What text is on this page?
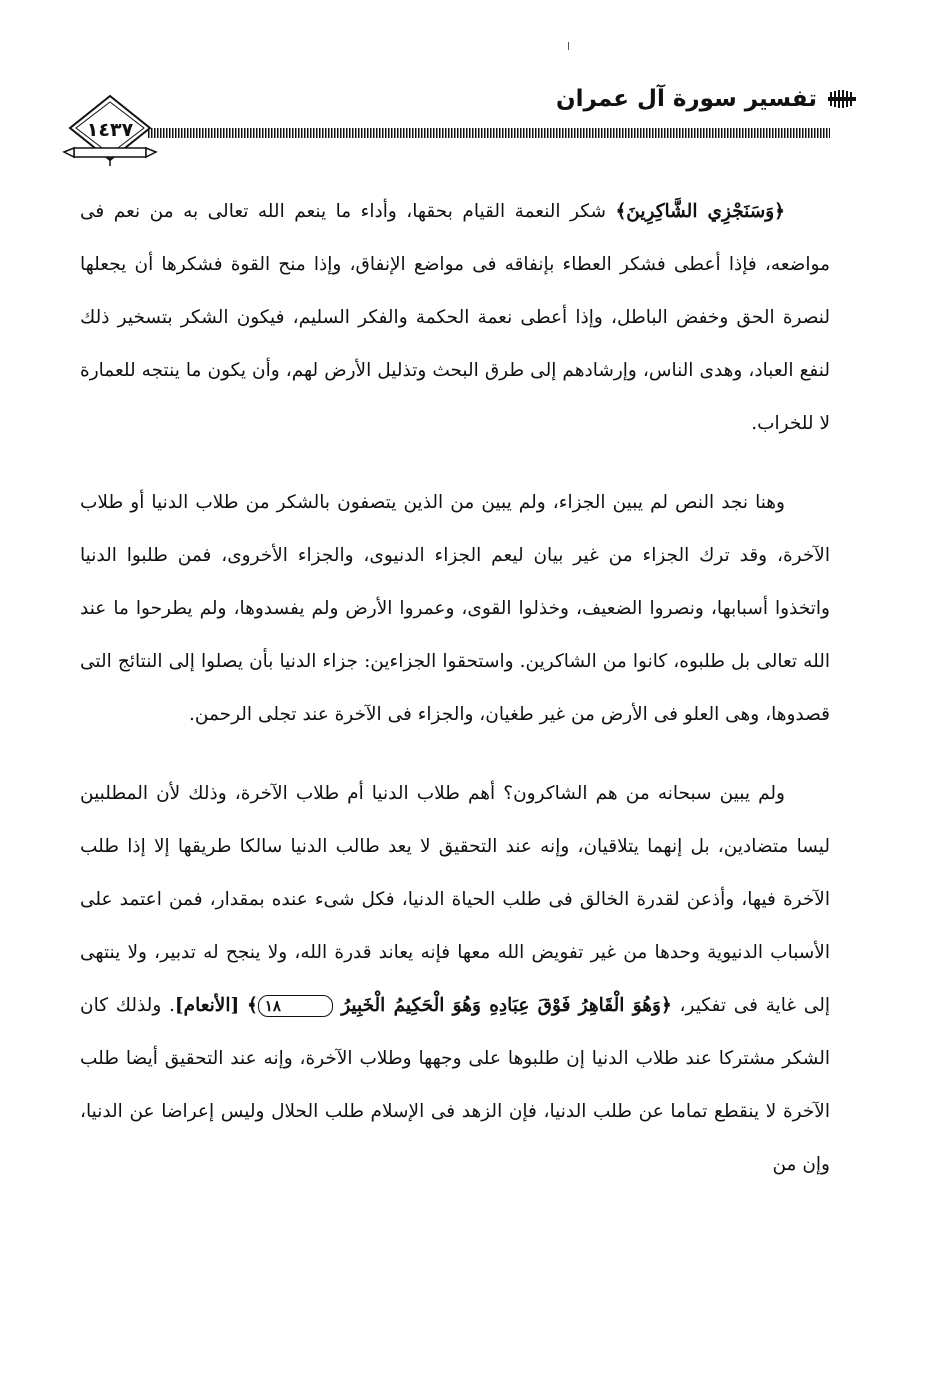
تفسير سورة آل عمران
١٤٣٧

﴿وَسَنَجْزِي الشَّاكِرِينَ﴾ شكر النعمة القيام بحقها، وأداء ما ينعم الله تعالى به من نعم فى مواضعه، فإذا أعطى فشكر العطاء بإنفاقه فى مواضع الإنفاق، وإذا منح القوة فشكرها أن يجعلها لنصرة الحق وخفض الباطل، وإذا أعطى نعمة الحكمة والفكر السليم، فيكون الشكر بتسخير ذلك لنفع العباد، وهدى الناس، وإرشادهم إلى طرق البحث وتذليل الأرض لهم، وأن يكون ما ينتجه للعمارة لا للخراب.

وهنا نجد النص لم يبين الجزاء، ولم يبين من الذين يتصفون بالشكر من طلاب الدنيا أو طلاب الآخرة، وقد ترك الجزاء من غير بيان ليعم الجزاء الدنيوى، والجزاء الأخروى، فمن طلبوا الدنيا واتخذوا أسبابها، ونصروا الضعيف، وخذلوا القوى، وعمروا الأرض ولم يفسدوها، ولم يطرحوا ما عند الله تعالى بل طلبوه، كانوا من الشاكرين. واستحقوا الجزاءين: جزاء الدنيا بأن يصلوا إلى النتائج التى قصدوها، وهى العلو فى الأرض من غير طغيان، والجزاء فى الآخرة عند تجلى الرحمن.

ولم يبين سبحانه من هم الشاكرون؟ أهم طلاب الدنيا أم طلاب الآخرة، وذلك لأن المطلبين ليسا متضادين، بل إنهما يتلاقيان، وإنه عند التحقيق لا يعد طالب الدنيا سالكا طريقها إلا إذا طلب الآخرة فيها، وأذعن لقدرة الخالق فى طلب الحياة الدنيا، فكل شىء عنده بمقدار، فمن اعتمد على الأسباب الدنيوية وحدها من غير تفويض الله معها فإنه يعاند قدرة الله، ولا ينجح له تدبير، ولا ينتهى إلى غاية فى تفكير، ﴿وَهُوَ الْقَاهِرُ فَوْقَ عِبَادِهِ وَهُوَ الْحَكِيمُ الْخَبِيرُ ١٨﴾ [الأنعام]. ولذلك كان الشكر مشتركا عند طلاب الدنيا إن طلبوها على وجهها وطلاب الآخرة، وإنه عند التحقيق أيضا طلب الآخرة لا ينقطع تماما عن طلب الدنيا، فإن الزهد فى الإسلام طلب الحلال وليس إعراضا عن الدنيا، وإن من
